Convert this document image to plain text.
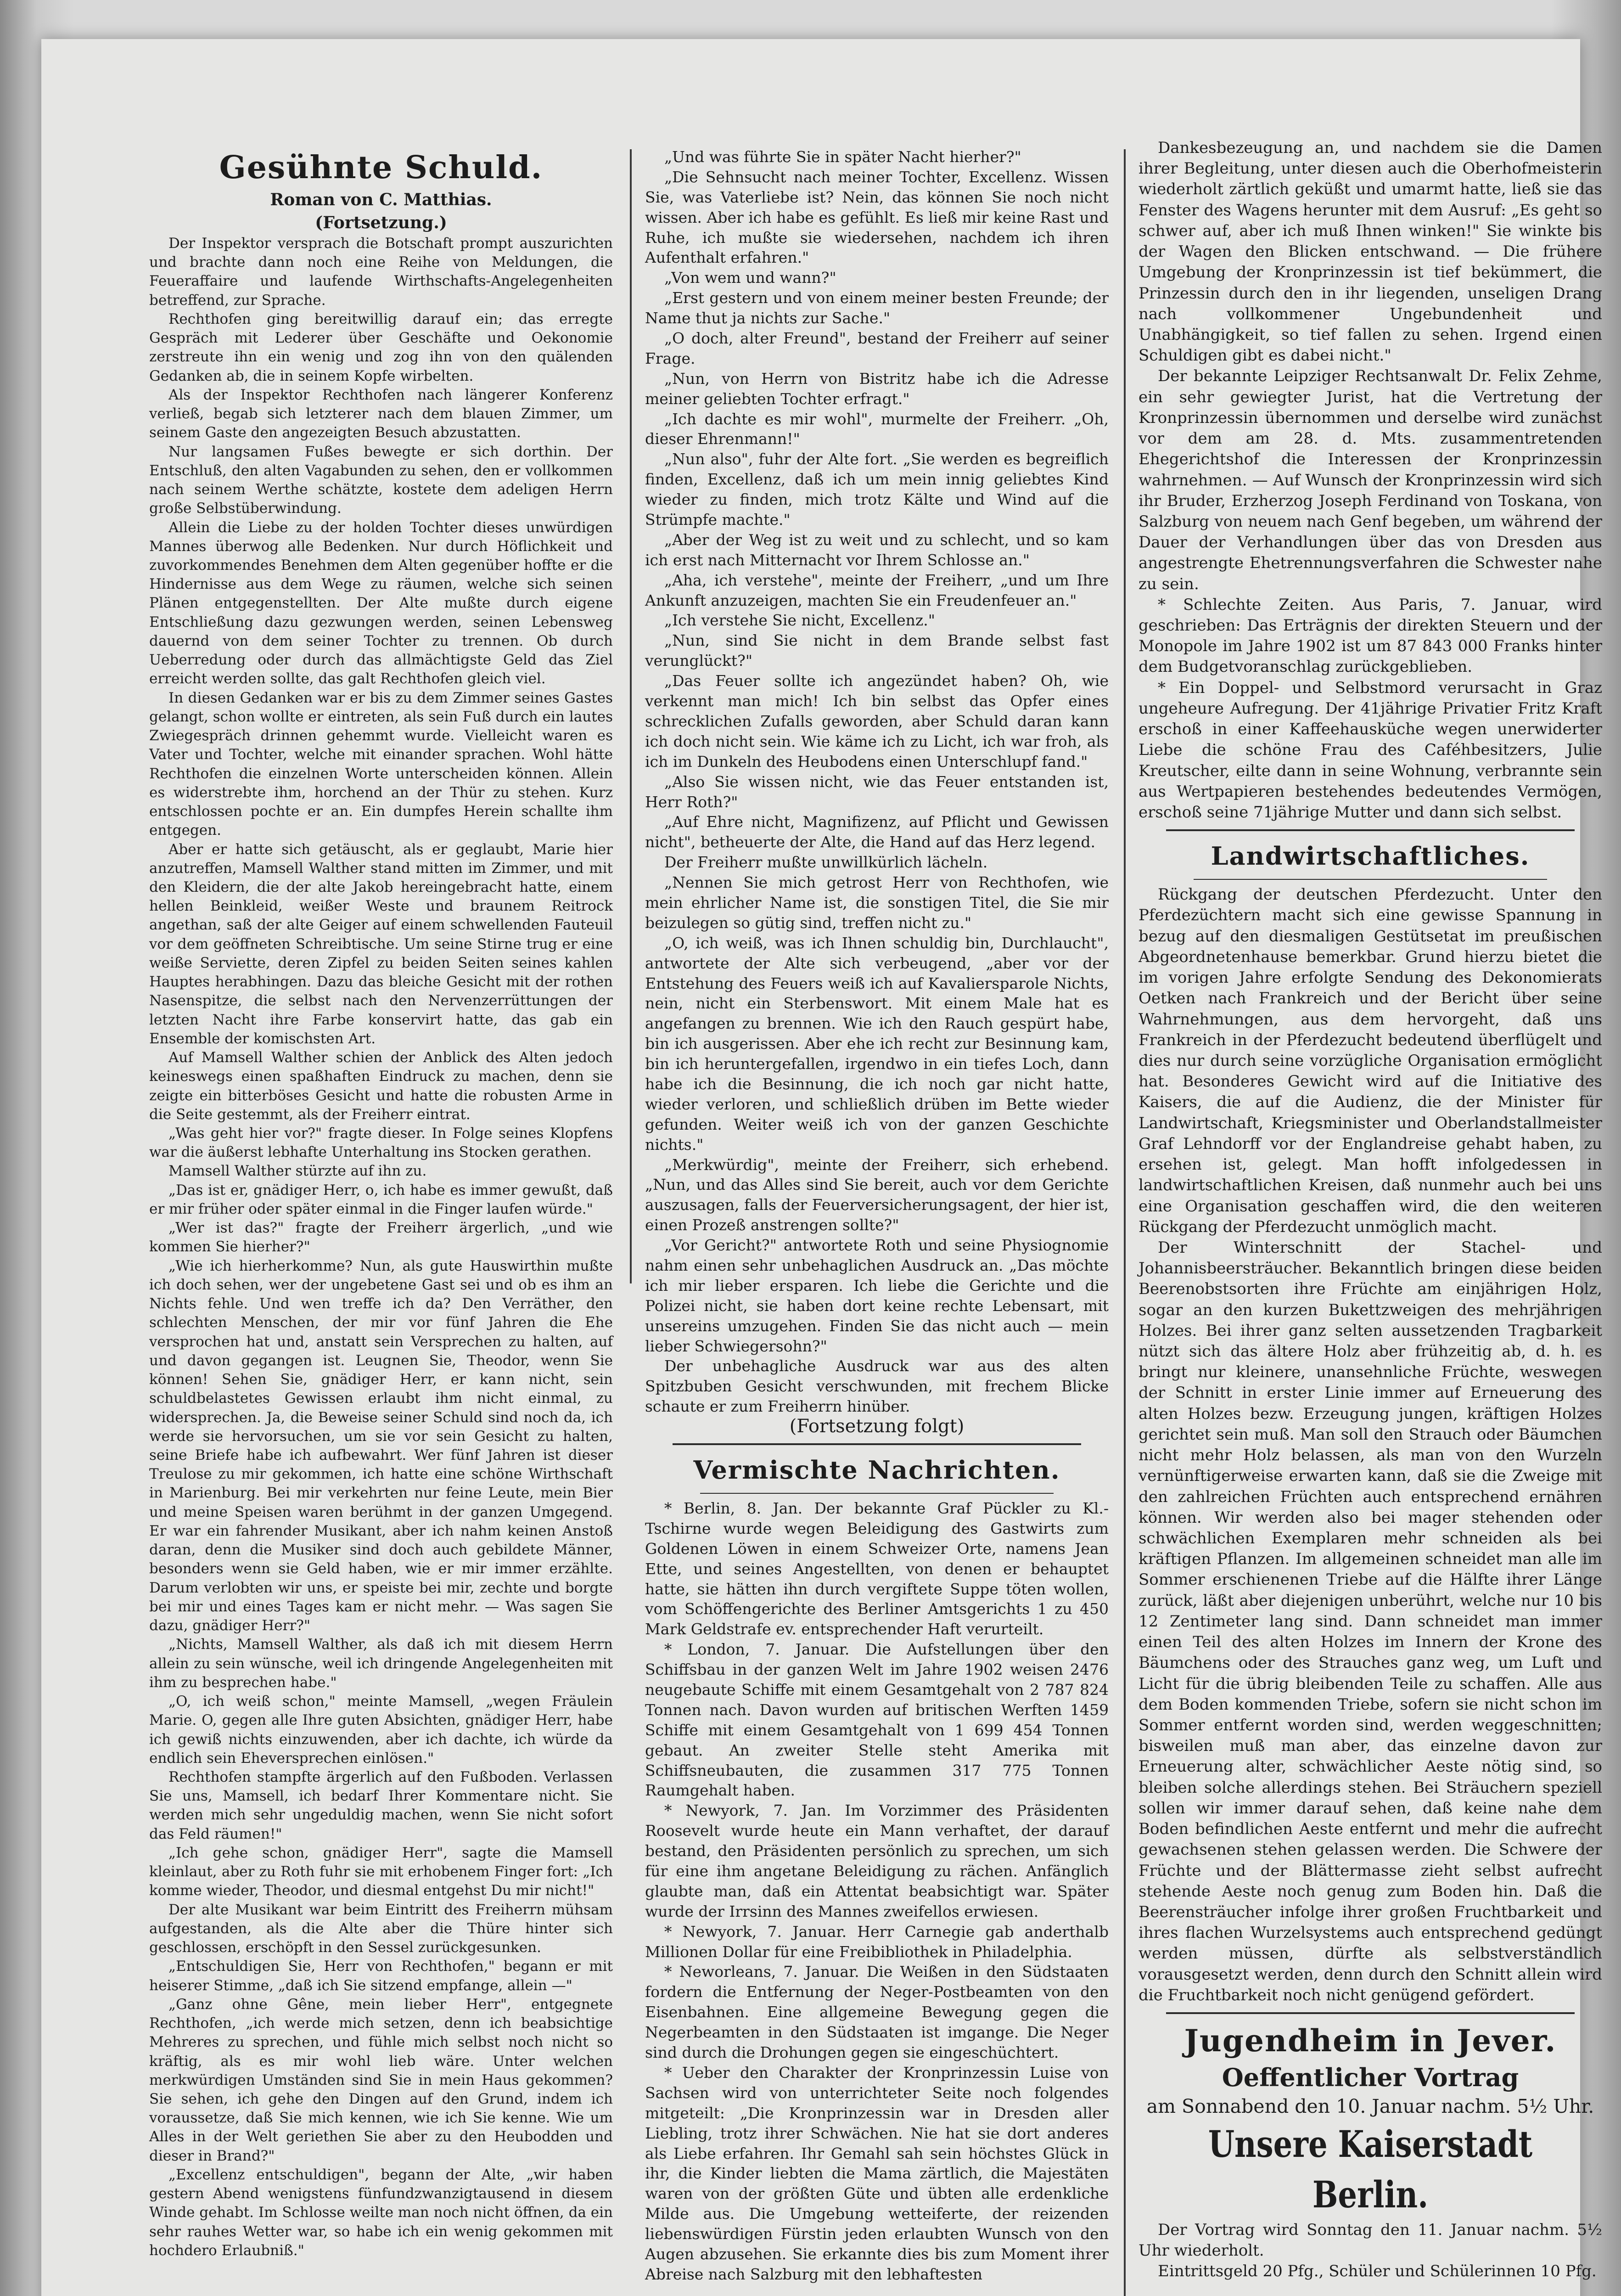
Gesühnte Schuld.

Roman von C. Matthias.

(Fortsetzung.)

Der Inspektor versprach die Botschaft prompt auszurichten und brachte dann noch eine Reihe von Meldungen, die Feueraffaire und laufende Wirthschafts-Angelegenheiten betreffend, zur Sprache.

Rechthofen ging bereitwillig darauf ein; das erregte Gespräch mit Lederer über Geschäfte und Oekonomie zerstreute ihn ein wenig und zog ihn von den quälenden Gedanken ab, die in seinem Kopfe wirbelten.

Als der Inspektor Rechthofen nach längerer Konferenz verließ, begab sich letzterer nach dem blauen Zimmer, um seinem Gaste den angezeigten Besuch abzustatten.

Nur langsamen Fußes bewegte er sich dorthin. Der Entschluß, den alten Vagabunden zu sehen, den er vollkommen nach seinem Werthe schätzte, kostete dem adeligen Herrn große Selbstüberwindung.

Allein die Liebe zu der holden Tochter dieses unwürdigen Mannes überwog alle Bedenken. Nur durch Höflichkeit und zuvorkommendes Benehmen dem Alten gegenüber hoffte er die Hindernisse aus dem Wege zu räumen, welche sich seinen Plänen entgegenstellten. Der Alte mußte durch eigene Entschließung dazu gezwungen werden, seinen Lebensweg dauernd von dem seiner Tochter zu trennen. Ob durch Ueberredung oder durch das allmächtigste Geld das Ziel erreicht werden sollte, das galt Rechthofen gleich viel.

In diesen Gedanken war er bis zu dem Zimmer seines Gastes gelangt, schon wollte er eintreten, als sein Fuß durch ein lautes Zwiegespräch drinnen gehemmt wurde. Vielleicht waren es Vater und Tochter, welche mit einander sprachen. Wohl hätte Rechthofen die einzelnen Worte unterscheiden können. Allein es widerstrebte ihm, horchend an der Thür zu stehen. Kurz entschlossen pochte er an. Ein dumpfes Herein schallte ihm entgegen.

Aber er hatte sich getäuscht, als er geglaubt, Marie hier anzutreffen, Mamsell Walther stand mitten im Zimmer, und mit den Kleidern, die der alte Jakob hereingebracht hatte, einem hellen Beinkleid, weißer Weste und braunem Reitrock angethan, saß der alte Geiger auf einem schwellenden Fauteuil vor dem geöffneten Schreibtische. Um seine Stirne trug er eine weiße Serviette, deren Zipfel zu beiden Seiten seines kahlen Hauptes herabhingen. Dazu das bleiche Gesicht mit der rothen Nasenspitze, die selbst nach den Nervenzerrüttungen der letzten Nacht ihre Farbe konservirt hatte, das gab ein Ensemble der komischsten Art.

Auf Mamsell Walther schien der Anblick des Alten jedoch keineswegs einen spaßhaften Eindruck zu machen, denn sie zeigte ein bitterböses Gesicht und hatte die robusten Arme in die Seite gestemmt, als der Freiherr eintrat.

„Was geht hier vor?" fragte dieser. In Folge seines Klopfens war die äußerst lebhafte Unterhaltung ins Stocken gerathen.

Mamsell Walther stürzte auf ihn zu.

„Das ist er, gnädiger Herr, o, ich habe es immer gewußt, daß er mir früher oder später einmal in die Finger laufen würde."

„Wer ist das?" fragte der Freiherr ärgerlich, „und wie kommen Sie hierher?"

„Wie ich hierherkomme? Nun, als gute Hauswirthin mußte ich doch sehen, wer der ungebetene Gast sei und ob es ihm an Nichts fehle. Und wen treffe ich da? Den Verräther, den schlechten Menschen, der mir vor fünf Jahren die Ehe versprochen hat und, anstatt sein Versprechen zu halten, auf und davon gegangen ist. Leugnen Sie, Theodor, wenn Sie können! Sehen Sie, gnädiger Herr, er kann nicht, sein schuldbelastetes Gewissen erlaubt ihm nicht einmal, zu widersprechen. Ja, die Beweise seiner Schuld sind noch da, ich werde sie hervorsuchen, um sie vor sein Gesicht zu halten, seine Briefe habe ich aufbewahrt. Wer fünf Jahren ist dieser Treulose zu mir gekommen, ich hatte eine schöne Wirthschaft in Marienburg. Bei mir verkehrten nur feine Leute, mein Bier und meine Speisen waren berühmt in der ganzen Umgegend. Er war ein fahrender Musikant, aber ich nahm keinen Anstoß daran, denn die Musiker sind doch auch gebildete Männer, besonders wenn sie Geld haben, wie er mir immer erzählte. Darum verlobten wir uns, er speiste bei mir, zechte und borgte bei mir und eines Tages kam er nicht mehr. — Was sagen Sie dazu, gnädiger Herr?"

„Nichts, Mamsell Walther, als daß ich mit diesem Herrn allein zu sein wünsche, weil ich dringende Angelegenheiten mit ihm zu besprechen habe."

„O, ich weiß schon," meinte Mamsell, „wegen Fräulein Marie. O, gegen alle Ihre guten Absichten, gnädiger Herr, habe ich gewiß nichts einzuwenden, aber ich dachte, ich würde da endlich sein Eheversprechen einlösen."

Rechthofen stampfte ärgerlich auf den Fußboden. Verlassen Sie uns, Mamsell, ich bedarf Ihrer Kommentare nicht. Sie werden mich sehr ungeduldig machen, wenn Sie nicht sofort das Feld räumen!"

„Ich gehe schon, gnädiger Herr", sagte die Mamsell kleinlaut, aber zu Roth fuhr sie mit erhobenem Finger fort: „Ich komme wieder, Theodor, und diesmal entgehst Du mir nicht!"

Der alte Musikant war beim Eintritt des Freiherrn mühsam aufgestanden, als die Alte aber die Thüre hinter sich geschlossen, erschöpft in den Sessel zurückgesunken.

„Entschuldigen Sie, Herr von Rechthofen," begann er mit heiserer Stimme, „daß ich Sie sitzend empfange, allein —"

„Ganz ohne Gêne, mein lieber Herr", entgegnete Rechthofen, „ich werde mich setzen, denn ich beabsichtige Mehreres zu sprechen, und fühle mich selbst noch nicht so kräftig, als es mir wohl lieb wäre. Unter welchen merkwürdigen Umständen sind Sie in mein Haus gekommen? Sie sehen, ich gehe den Dingen auf den Grund, indem ich voraussetze, daß Sie mich kennen, wie ich Sie kenne. Wie um Alles in der Welt geriethen Sie aber zu den Heubodden und dieser in Brand?"

„Excellenz entschuldigen", begann der Alte, „wir haben gestern Abend wenigstens fünfundzwanzigtausend in diesem Winde gehabt. Im Schlosse weilte man noch nicht öffnen, da ein sehr rauhes Wetter war, so habe ich ein wenig gekommen mit hochdero Erlaubniß."

„Und was führte Sie in später Nacht hierher?"

„Die Sehnsucht nach meiner Tochter, Excellenz. Wissen Sie, was Vaterliebe ist? Nein, das können Sie noch nicht wissen. Aber ich habe es gefühlt. Es ließ mir keine Rast und Ruhe, ich mußte sie wiedersehen, nachdem ich ihren Aufenthalt erfahren."

„Von wem und wann?"

„Erst gestern und von einem meiner besten Freunde; der Name thut ja nichts zur Sache."

„O doch, alter Freund", bestand der Freiherr auf seiner Frage.

„Nun, von Herrn von Bistritz habe ich die Adresse meiner geliebten Tochter erfragt."

„Ich dachte es mir wohl", murmelte der Freiherr. „Oh, dieser Ehrenmann!"

„Nun also", fuhr der Alte fort. „Sie werden es begreiflich finden, Excellenz, daß ich um mein innig geliebtes Kind wieder zu finden, mich trotz Kälte und Wind auf die Strümpfe machte."

„Aber der Weg ist zu weit und zu schlecht, und so kam ich erst nach Mitternacht vor Ihrem Schlosse an."

„Aha, ich verstehe", meinte der Freiherr, „und um Ihre Ankunft anzuzeigen, machten Sie ein Freudenfeuer an."

„Ich verstehe Sie nicht, Excellenz."

„Nun, sind Sie nicht in dem Brande selbst fast verunglückt?"

„Das Feuer sollte ich angezündet haben? Oh, wie verkennt man mich! Ich bin selbst das Opfer eines schrecklichen Zufalls geworden, aber Schuld daran kann ich doch nicht sein. Wie käme ich zu Licht, ich war froh, als ich im Dunkeln des Heubodens einen Unterschlupf fand."

„Also Sie wissen nicht, wie das Feuer entstanden ist, Herr Roth?"

„Auf Ehre nicht, Magnifizenz, auf Pflicht und Gewissen nicht", betheuerte der Alte, die Hand auf das Herz legend.

Der Freiherr mußte unwillkürlich lächeln.

„Nennen Sie mich getrost Herr von Rechthofen, wie mein ehrlicher Name ist, die sonstigen Titel, die Sie mir beizulegen so gütig sind, treffen nicht zu."

„O, ich weiß, was ich Ihnen schuldig bin, Durchlaucht", antwortete der Alte sich verbeugend, „aber vor der Entstehung des Feuers weiß ich auf Kavaliersparole Nichts, nein, nicht ein Sterbenswort. Mit einem Male hat es angefangen zu brennen. Wie ich den Rauch gespürt habe, bin ich ausgerissen. Aber ehe ich recht zur Besinnung kam, bin ich heruntergefallen, irgendwo in ein tiefes Loch, dann habe ich die Besinnung, die ich noch gar nicht hatte, wieder verloren, und schließlich drüben im Bette wieder gefunden. Weiter weiß ich von der ganzen Geschichte nichts."

„Merkwürdig", meinte der Freiherr, sich erhebend. „Nun, und das Alles sind Sie bereit, auch vor dem Gerichte auszusagen, falls der Feuerversicherungsagent, der hier ist, einen Prozeß anstrengen sollte?"

„Vor Gericht?" antwortete Roth und seine Physiognomie nahm einen sehr unbehaglichen Ausdruck an. „Das möchte ich mir lieber ersparen. Ich liebe die Gerichte und die Polizei nicht, sie haben dort keine rechte Lebensart, mit unsereins umzugehen. Finden Sie das nicht auch — mein lieber Schwiegersohn?"

Der unbehagliche Ausdruck war aus des alten Spitzbuben Gesicht verschwunden, mit frechem Blicke schaute er zum Freiherrn hinüber.

(Fortsetzung folgt)

Vermischte Nachrichten.

* Berlin, 8. Jan. Der bekannte Graf Pückler zu Kl.-Tschirne wurde wegen Beleidigung des Gastwirts zum Goldenen Löwen in einem Schweizer Orte, namens Jean Ette, und seines Angestellten, von denen er behauptet hatte, sie hätten ihn durch vergiftete Suppe töten wollen, vom Schöffengerichte des Berliner Amtsgerichts 1 zu 450 Mark Geldstrafe ev. entsprechender Haft verurteilt.

* London, 7. Januar. Die Aufstellungen über den Schiffsbau in der ganzen Welt im Jahre 1902 weisen 2476 neugebaute Schiffe mit einem Gesamtgehalt von 2 787 824 Tonnen nach. Davon wurden auf britischen Werften 1459 Schiffe mit einem Gesamtgehalt von 1 699 454 Tonnen gebaut. An zweiter Stelle steht Amerika mit Schiffsneubauten, die zusammen 317 775 Tonnen Raumgehalt haben.

* Newyork, 7. Jan. Im Vorzimmer des Präsidenten Roosevelt wurde heute ein Mann verhaftet, der darauf bestand, den Präsidenten persönlich zu sprechen, um sich für eine ihm angetane Beleidigung zu rächen. Anfänglich glaubte man, daß ein Attentat beabsichtigt war. Später wurde der Irrsinn des Mannes zweifellos erwiesen.

* Newyork, 7. Januar. Herr Carnegie gab anderthalb Millionen Dollar für eine Freibibliothek in Philadelphia.

* Neworleans, 7. Januar. Die Weißen in den Südstaaten fordern die Entfernung der Neger-Postbeamten von den Eisenbahnen. Eine allgemeine Bewegung gegen die Negerbeamten in den Südstaaten ist imgange. Die Neger sind durch die Drohungen gegen sie eingeschüchtert.

* Ueber den Charakter der Kronprinzessin Luise von Sachsen wird von unterrichteter Seite noch folgendes mitgeteilt: „Die Kronprinzessin war in Dresden aller Liebling, trotz ihrer Schwächen. Nie hat sie dort anderes als Liebe erfahren. Ihr Gemahl sah sein höchstes Glück in ihr, die Kinder liebten die Mama zärtlich, die Majestäten waren von der größten Güte und übten alle erdenkliche Milde aus. Die Umgebung wetteiferte, der reizenden liebenswürdigen Fürstin jeden erlaubten Wunsch von den Augen abzusehen. Sie erkannte dies bis zum Moment ihrer Abreise nach Salzburg mit den lebhaftesten

Dankesbezeugung an, und nachdem sie die Damen ihrer Begleitung, unter diesen auch die Oberhofmeisterin wiederholt zärtlich geküßt und umarmt hatte, ließ sie das Fenster des Wagens herunter mit dem Ausruf: „Es geht so schwer auf, aber ich muß Ihnen winken!" Sie winkte bis der Wagen den Blicken entschwand. — Die frühere Umgebung der Kronprinzessin ist tief bekümmert, die Prinzessin durch den in ihr liegenden, unseligen Drang nach vollkommener Ungebundenheit und Unabhängigkeit, so tief fallen zu sehen. Irgend einen Schuldigen gibt es dabei nicht."

Der bekannte Leipziger Rechtsanwalt Dr. Felix Zehme, ein sehr gewiegter Jurist, hat die Vertretung der Kronprinzessin übernommen und derselbe wird zunächst vor dem am 28. d. Mts. zusammentretenden Ehegerichtshof die Interessen der Kronprinzessin wahrnehmen. — Auf Wunsch der Kronprinzessin wird sich ihr Bruder, Erzherzog Joseph Ferdinand von Toskana, von Salzburg von neuem nach Genf begeben, um während der Dauer der Verhandlungen über das von Dresden aus angestrengte Ehetrennungsverfahren die Schwester nahe zu sein.

* Schlechte Zeiten. Aus Paris, 7. Januar, wird geschrieben: Das Erträgnis der direkten Steuern und der Monopole im Jahre 1902 ist um 87 843 000 Franks hinter dem Budgetvoranschlag zurückgeblieben.

* Ein Doppel- und Selbstmord verursacht in Graz ungeheure Aufregung. Der 41jährige Privatier Fritz Kraft erschoß in einer Kaffeehausküche wegen unerwiderter Liebe die schöne Frau des Caféhbesitzers, Julie Kreutscher, eilte dann in seine Wohnung, verbrannte sein aus Wertpapieren bestehendes bedeutendes Vermögen, erschoß seine 71jährige Mutter und dann sich selbst.

Landwirtschaftliches.

Rückgang der deutschen Pferdezucht. Unter den Pferdezüchtern macht sich eine gewisse Spannung in bezug auf den diesmaligen Gestütsetat im preußischen Abgeordnetenhause bemerkbar. Grund hierzu bietet die im vorigen Jahre erfolgte Sendung des Dekonomierats Oetken nach Frankreich und der Bericht über seine Wahrnehmungen, aus dem hervorgeht, daß uns Frankreich in der Pferdezucht bedeutend überflügelt und dies nur durch seine vorzügliche Organisation ermöglicht hat. Besonderes Gewicht wird auf die Initiative des Kaisers, die auf die Audienz, die der Minister für Landwirtschaft, Kriegsminister und Oberlandstallmeister Graf Lehndorff vor der Englandreise gehabt haben, zu ersehen ist, gelegt. Man hofft infolgedessen in landwirtschaftlichen Kreisen, daß nunmehr auch bei uns eine Organisation geschaffen wird, die den weiteren Rückgang der Pferdezucht unmöglich macht.

Der Winterschnitt der Stachel- und Johannisbeersträucher. Bekanntlich bringen diese beiden Beerenobstsorten ihre Früchte am einjährigen Holz, sogar an den kurzen Bukettzweigen des mehrjährigen Holzes. Bei ihrer ganz selten aussetzenden Tragbarkeit nützt sich das ältere Holz aber frühzeitig ab, d. h. es bringt nur kleinere, unansehnliche Früchte, weswegen der Schnitt in erster Linie immer auf Erneuerung des alten Holzes bezw. Erzeugung jungen, kräftigen Holzes gerichtet sein muß. Man soll den Strauch oder Bäumchen nicht mehr Holz belassen, als man von den Wurzeln vernünftigerweise erwarten kann, daß sie die Zweige mit den zahlreichen Früchten auch entsprechend ernähren können. Wir werden also bei mager stehenden oder schwächlichen Exemplaren mehr schneiden als bei kräftigen Pflanzen. Im allgemeinen schneidet man alle im Sommer erschienenen Triebe auf die Hälfte ihrer Länge zurück, läßt aber diejenigen unberührt, welche nur 10 bis 12 Zentimeter lang sind. Dann schneidet man immer einen Teil des alten Holzes im Innern der Krone des Bäumchens oder des Strauches ganz weg, um Luft und Licht für die übrig bleibenden Teile zu schaffen. Alle aus dem Boden kommenden Triebe, sofern sie nicht schon im Sommer entfernt worden sind, werden weggeschnitten; bisweilen muß man aber, das einzelne davon zur Erneuerung alter, schwächlicher Aeste nötig sind, so bleiben solche allerdings stehen. Bei Sträuchern speziell sollen wir immer darauf sehen, daß keine nahe dem Boden befindlichen Aeste entfernt und mehr die aufrecht gewachsenen stehen gelassen werden. Die Schwere der Früchte und der Blättermasse zieht selbst aufrecht stehende Aeste noch genug zum Boden hin. Daß die Beerensträucher infolge ihrer großen Fruchtbarkeit und ihres flachen Wurzelsystems auch entsprechend gedüngt werden müssen, dürfte als selbstverständlich vorausgesetzt werden, denn durch den Schnitt allein wird die Fruchtbarkeit noch nicht genügend gefördert.

Jugendheim in Jever.
Oeffentlicher Vortrag
am Sonnabend den 10. Januar nachm. 5½ Uhr.
Unsere Kaiserstadt Berlin.

Der Vortrag wird Sonntag den 11. Januar nachm. 5½ Uhr wiederholt.

Eintrittsgeld 20 Pfg., Schüler und Schülerinnen 10 Pfg.
